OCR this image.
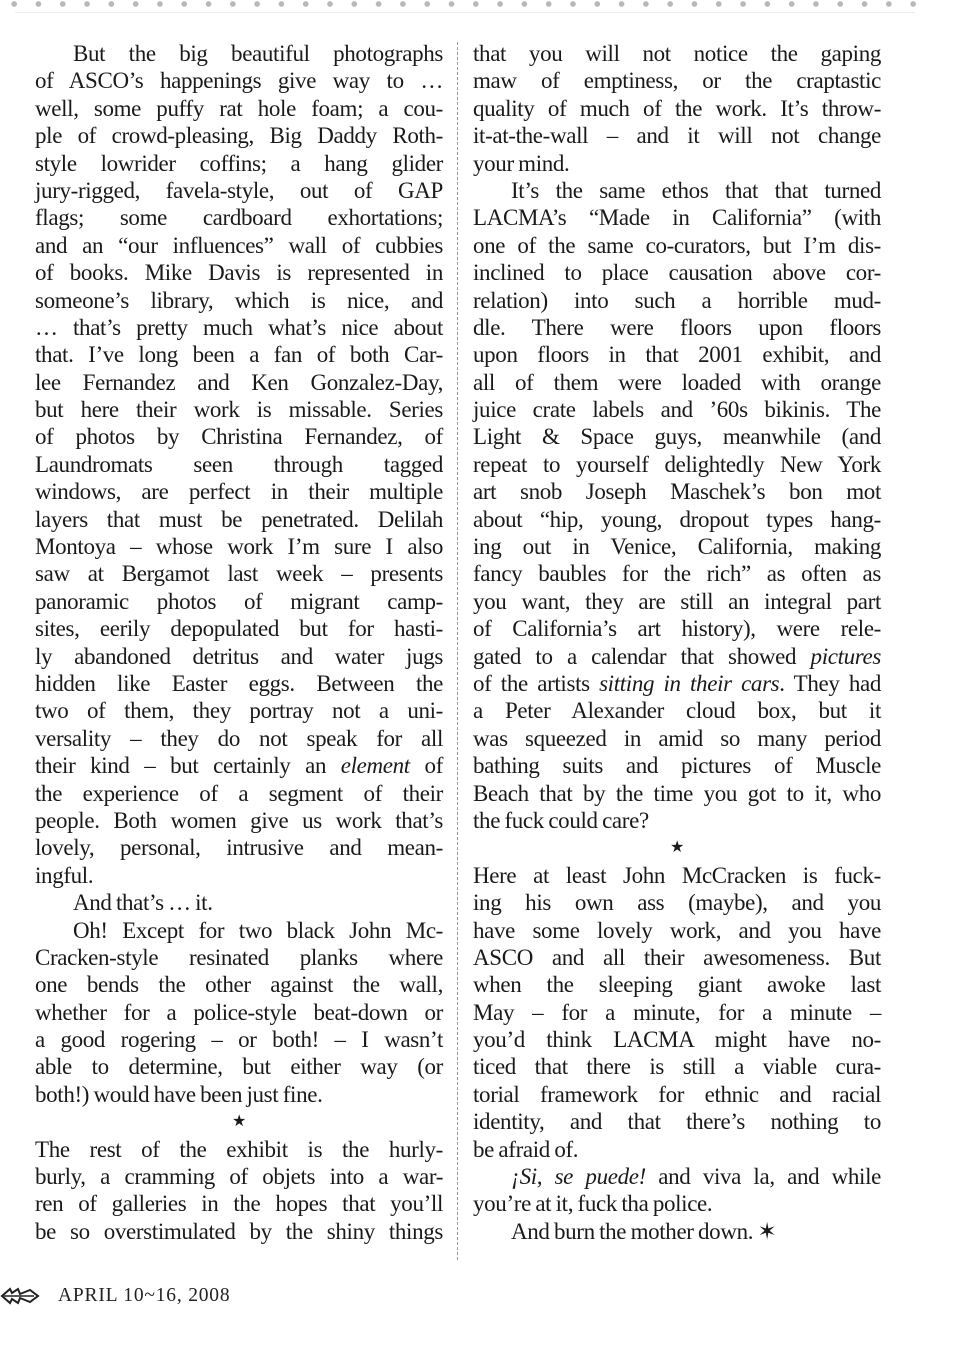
But the big beautiful photographs
of ASCO’s happenings give way to …
well, some puffy rat hole foam; a cou-
ple of crowd-pleasing, Big Daddy Roth-
style lowrider coffins; a hang glider
jury-rigged, favela-style, out of GAP
flags; some cardboard exhortations;
and an “our influences” wall of cubbies
of books. Mike Davis is represented in
someone’s library, which is nice, and
… that’s pretty much what’s nice about
that. I’ve long been a fan of both Car-
lee Fernandez and Ken Gonzalez-Day,
but here their work is missable. Series
of photos by Christina Fernandez, of
Laundromats seen through tagged
windows, are perfect in their multiple
layers that must be penetrated. Delilah
Montoya – whose work I’m sure I also
saw at Bergamot last week – presents
panoramic photos of migrant camp-
sites, eerily depopulated but for hasti-
ly abandoned detritus and water jugs
hidden like Easter eggs. Between the
two of them, they portray not a uni-
versality – they do not speak for all
their kind – but certainly an element of
the experience of a segment of their
people. Both women give us work that’s
lovely, personal, intrusive and mean-
ingful.
And that’s … it.
Oh! Except for two black John Mc-
Cracken-style resinated planks where
one bends the other against the wall,
whether for a police-style beat-down or
a good rogering – or both! – I wasn’t
able to determine, but either way (or
both!) would have been just fine.
★
The rest of the exhibit is the hurly-
burly, a cramming of objets into a war-
ren of galleries in the hopes that you’ll
be so overstimulated by the shiny things
that you will not notice the gaping
maw of emptiness, or the craptastic
quality of much of the work. It’s throw-
it-at-the-wall – and it will not change
your mind.
It’s the same ethos that that turned
LACMA’s “Made in California” (with
one of the same co-curators, but I’m dis-
inclined to place causation above cor-
relation) into such a horrible mud-
dle. There were floors upon floors
upon floors in that 2001 exhibit, and
all of them were loaded with orange
juice crate labels and ’60s bikinis. The
Light & Space guys, meanwhile (and
repeat to yourself delightedly New York
art snob Joseph Maschek’s bon mot
about “hip, young, dropout types hang-
ing out in Venice, California, making
fancy baubles for the rich” as often as
you want, they are still an integral part
of California’s art history), were rele-
gated to a calendar that showed pictures
of the artists sitting in their cars. They had
a Peter Alexander cloud box, but it
was squeezed in amid so many period
bathing suits and pictures of Muscle
Beach that by the time you got to it, who
the fuck could care?
★
Here at least John McCracken is fuck-
ing his own ass (maybe), and you
have some lovely work, and you have
ASCO and all their awesomeness. But
when the sleeping giant awoke last
May – for a minute, for a minute –
you’d think LACMA might have no-
ticed that there is still a viable cura-
torial framework for ethnic and racial
identity, and that there’s nothing to
be afraid of.
¡Si, se puede! and viva la, and while
you’re at it, fuck tha police.
And burn the mother down. ✶
APRIL 10~16, 2008
